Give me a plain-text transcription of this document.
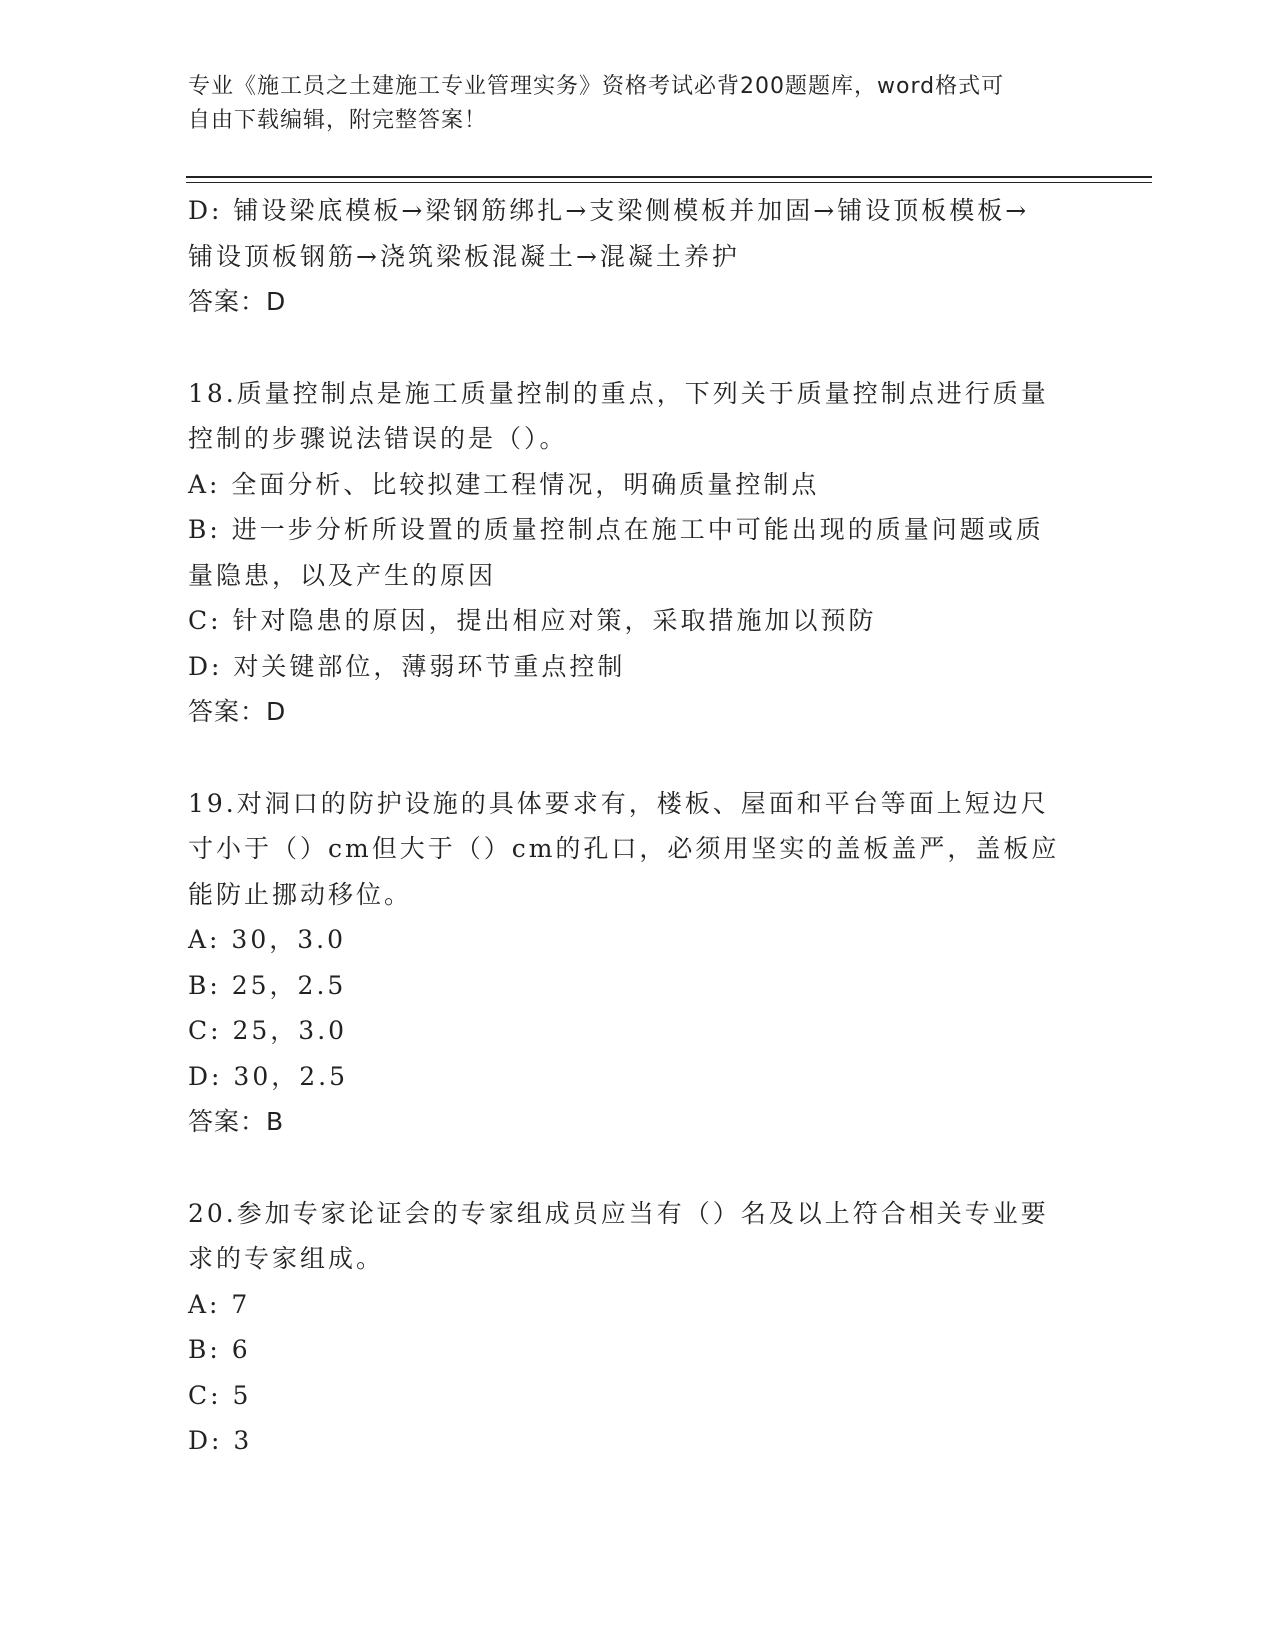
专业《施工员之土建施工专业管理实务》资格考试必背200题题库，word格式可

自由下载编辑，附完整答案！

D: 铺设梁底模板→梁钢筋绑扎→支梁侧模板并加固→铺设顶板模板→

铺设顶板钢筋→浇筑梁板混凝土→混凝土养护

答案：D

18.质量控制点是施工质量控制的重点，下列关于质量控制点进行质量

控制的步骤说法错误的是（）。

A: 全面分析、比较拟建工程情况，明确质量控制点

B: 进一步分析所设置的质量控制点在施工中可能出现的质量问题或质

量隐患，以及产生的原因

C: 针对隐患的原因，提出相应对策，采取措施加以预防

D: 对关键部位，薄弱环节重点控制

答案：D

19.对洞口的防护设施的具体要求有，楼板、屋面和平台等面上短边尺

寸小于（）cm但大于（）cm的孔口，必须用坚实的盖板盖严，盖板应

能防止挪动移位。

A: 30，3.0

B: 25，2.5

C: 25，3.0

D: 30，2.5

答案：B

20.参加专家论证会的专家组成员应当有（）名及以上符合相关专业要

求的专家组成。

A: 7

B: 6

C: 5

D: 3
